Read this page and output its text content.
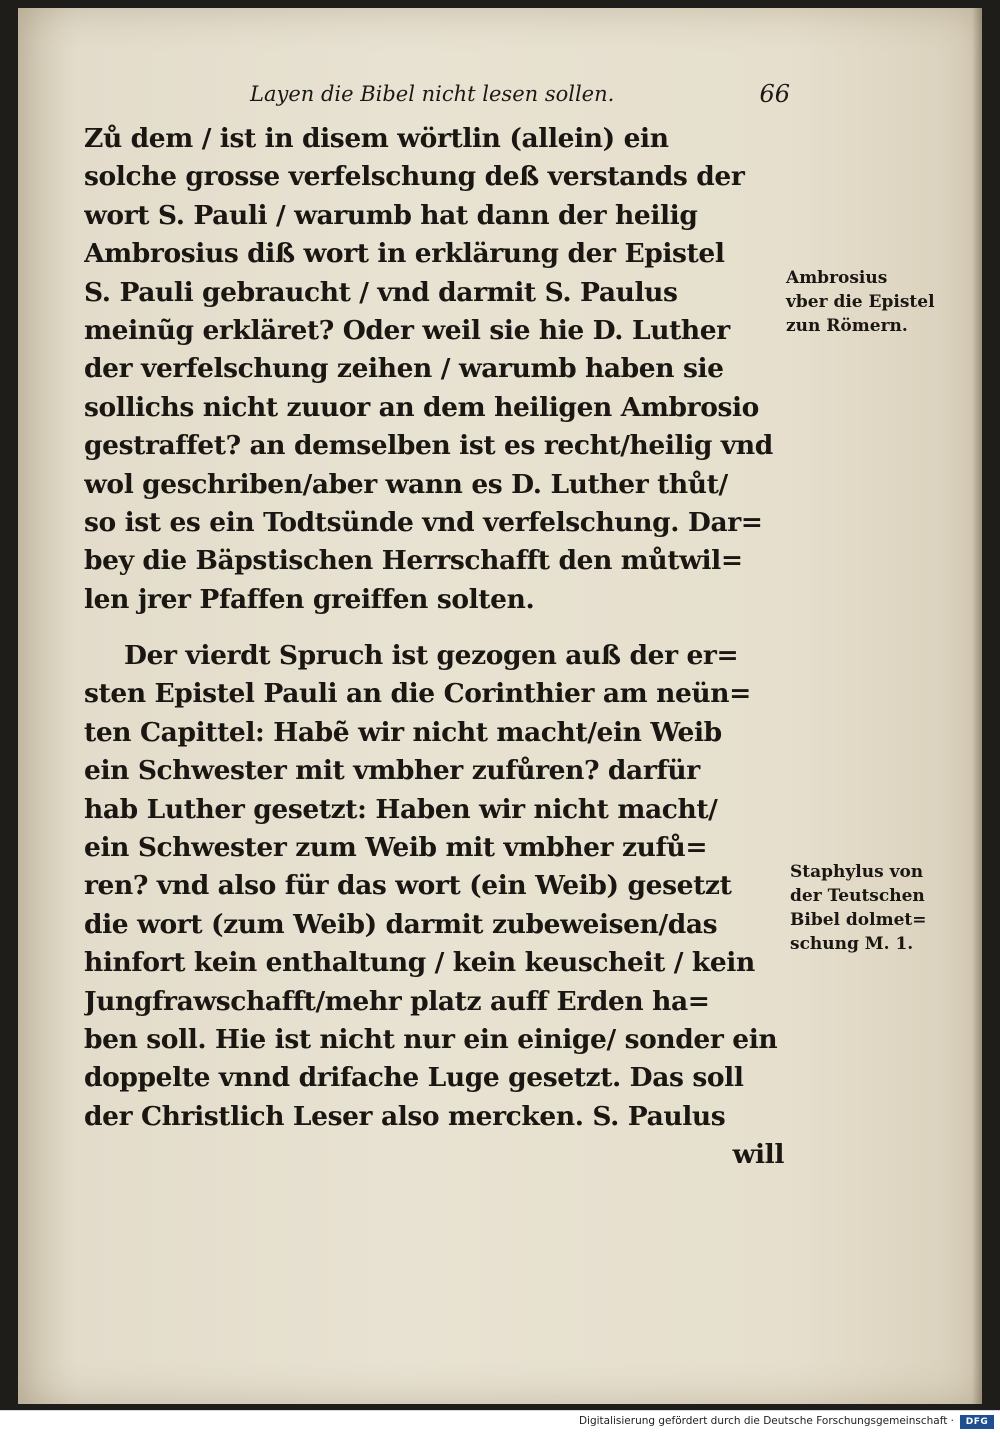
Layen die Bibel nicht lesen sollen.	66
Zů dem / ist in disem wörtlin (allein) ein
solche grosse verfelschung deß verstands der
wort S. Pauli / warumb hat dann der heilig
Ambrosius diß wort in erklärung der Epistel
S. Pauli gebraucht / vnd darmit S. Paulus
meinũg erkläret? Oder weil sie hie D. Luther
der verfelschung zeihen / warumb haben sie
sollichs nicht zuuor an dem heiligen Ambrosio
gestraffet? an demselben ist es recht/heilig vnd
wol geschriben/aber wann es D. Luther thůt/
so ist es ein Todtsünde vnd verfelschung. Dar=
bey die Bäpstischen Herrschafft den můtwil=
len jrer Pfaffen greiffen solten.
Der vierdt Spruch ist gezogen auß der er=
sten Epistel Pauli an die Corinthier am neün=
ten Capittel: Habẽ wir nicht macht/ein Weib
ein Schwester mit vmbher zufůren? darfür
hab Luther gesetzt: Haben wir nicht macht/
ein Schwester zum Weib mit vmbher zufů=
ren? vnd also für das wort (ein Weib) gesetzt
die wort (zum Weib) darmit zubeweisen/das
hinfort kein enthaltung / kein keuscheit / kein
Jungfrawschafft/mehr platz auff Erden ha=
ben soll. Hie ist nicht nur ein einige/ sonder ein
doppelte vnnd drifache Luge gesetzt. Das soll
der Christlich Leser also mercken. S. Paulus
will
Ambrosius
vber die Epistel
zun Römern.
Staphylus von
der Teutschen
Bibel dolmet=
schung M. 1.
Digitalisierung gefördert durch die Deutsche Forschungsgemeinschaft ·	DFG
